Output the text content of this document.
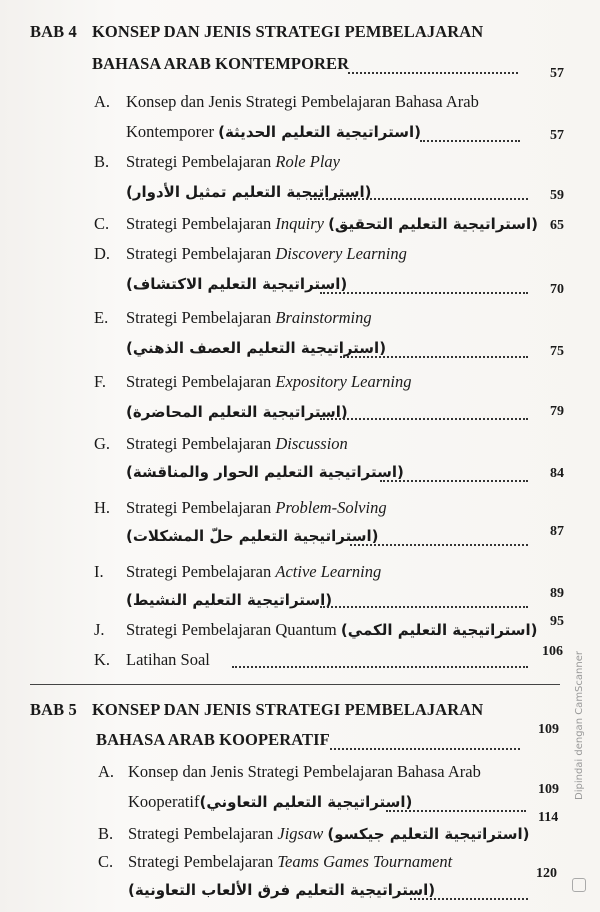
BAB 4 KONSEP DAN JENIS STRATEGI PEMBELAJARAN
BAHASA ARAB KONTEMPORER
57
A. Konsep dan Jenis Strategi Pembelajaran Bahasa Arab
Kontemporer (استراتيجية التعليم الحديثة)	57
B. Strategi Pembelajaran Role Play
(استراتيجية التعليم تمثيل الأدوار)	59
C. Strategi Pembelajaran Inquiry (استراتيجية التعليم التحقيق) 65
D. Strategi Pembelajaran Discovery Learning
(استراتيجية التعليم الاكتشاف)	70
E. Strategi Pembelajaran Brainstorming
(استراتيجية التعليم العصف الذهني)	75
F. Strategi Pembelajaran Expository Learning
(استراتيجية التعليم المحاضرة)	79
G. Strategi Pembelajaran Discussion
(استراتيجية التعليم الحوار والمناقشة)	84
H. Strategi Pembelajaran Problem-Solving
(استراتيجية التعليم حلّ المشكلات)	87
I. Strategi Pembelajaran Active Learning
(استراتيجية التعليم النشيط)	89
J. Strategi Pembelajaran Quantum (استراتيجية التعليم الكمي) 95
K. Latihan Soal	106
BAB 5 KONSEP DAN JENIS STRATEGI PEMBELAJARAN
BAHASA ARAB KOOPERATIF
109
A. Konsep dan Jenis Strategi Pembelajaran Bahasa Arab
Kooperatif(استراتيجية التعليم التعاوني)
109
B. Strategi Pembelajaran Jigsaw (استراتيجية التعليم جيكسو)
114
C. Strategi Pembelajaran Teams Games Tournament
(استراتيجية التعليم فرق الألعاب التعاونية)
120
Dipindai dengan CamScanner
